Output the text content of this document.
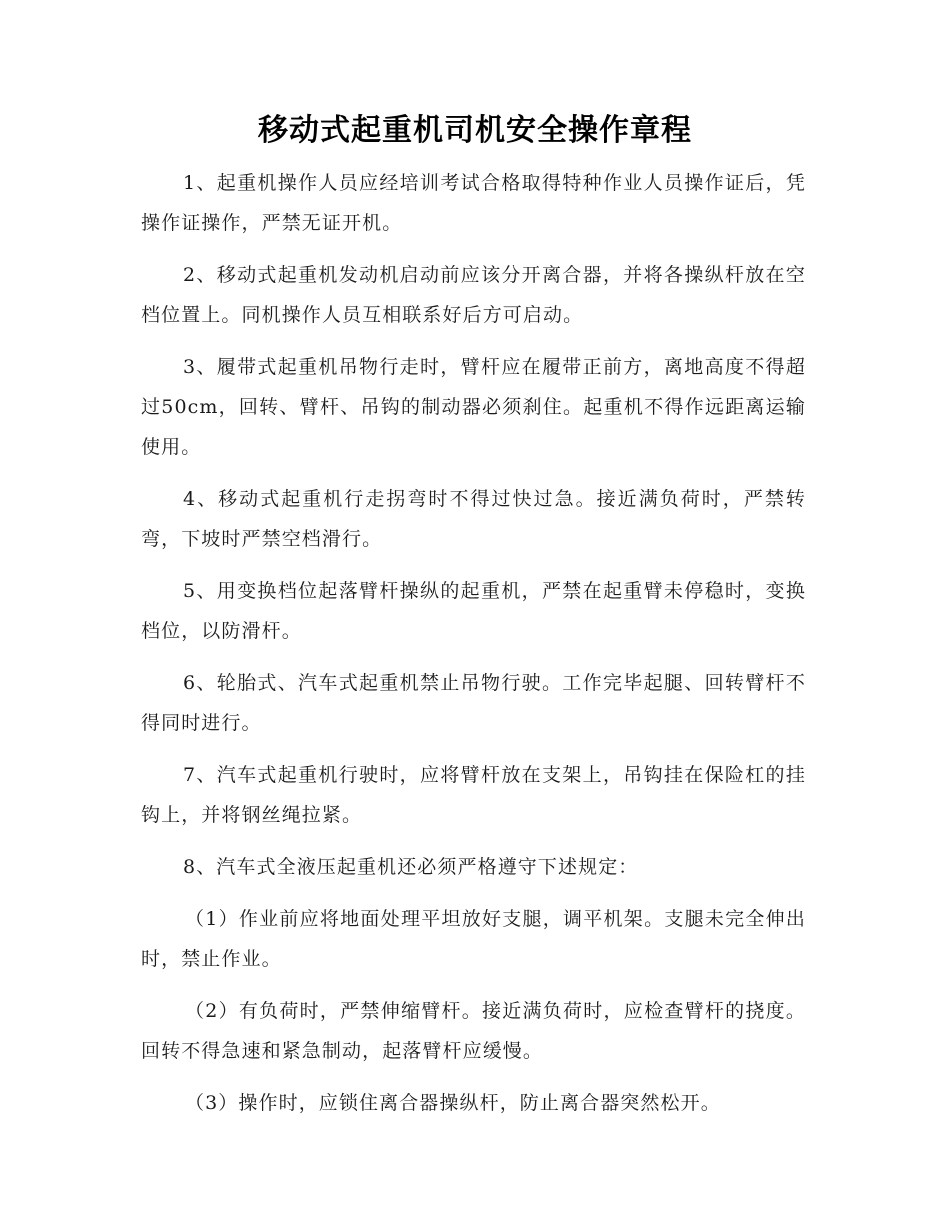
移动式起重机司机安全操作章程

1、起重机操作人员应经培训考试合格取得特种作业人员操作证后，凭操作证操作，严禁无证开机。

2、移动式起重机发动机启动前应该分开离合器，并将各操纵杆放在空档位置上。同机操作人员互相联系好后方可启动。

3、履带式起重机吊物行走时，臂杆应在履带正前方，离地高度不得超过50cm，回转、臂杆、吊钩的制动器必须刹住。起重机不得作远距离运输使用。

4、移动式起重机行走拐弯时不得过快过急。接近满负荷时，严禁转弯，下坡时严禁空档滑行。

5、用变换档位起落臂杆操纵的起重机，严禁在起重臂未停稳时，变换档位，以防滑杆。

6、轮胎式、汽车式起重机禁止吊物行驶。工作完毕起腿、回转臂杆不得同时进行。

7、汽车式起重机行驶时，应将臂杆放在支架上，吊钩挂在保险杠的挂钩上，并将钢丝绳拉紧。

8、汽车式全液压起重机还必须严格遵守下述规定：

（1）作业前应将地面处理平坦放好支腿，调平机架。支腿未完全伸出时，禁止作业。

（2）有负荷时，严禁伸缩臂杆。接近满负荷时，应检查臂杆的挠度。回转不得急速和紧急制动，起落臂杆应缓慢。

（3）操作时，应锁住离合器操纵杆，防止离合器突然松开。
